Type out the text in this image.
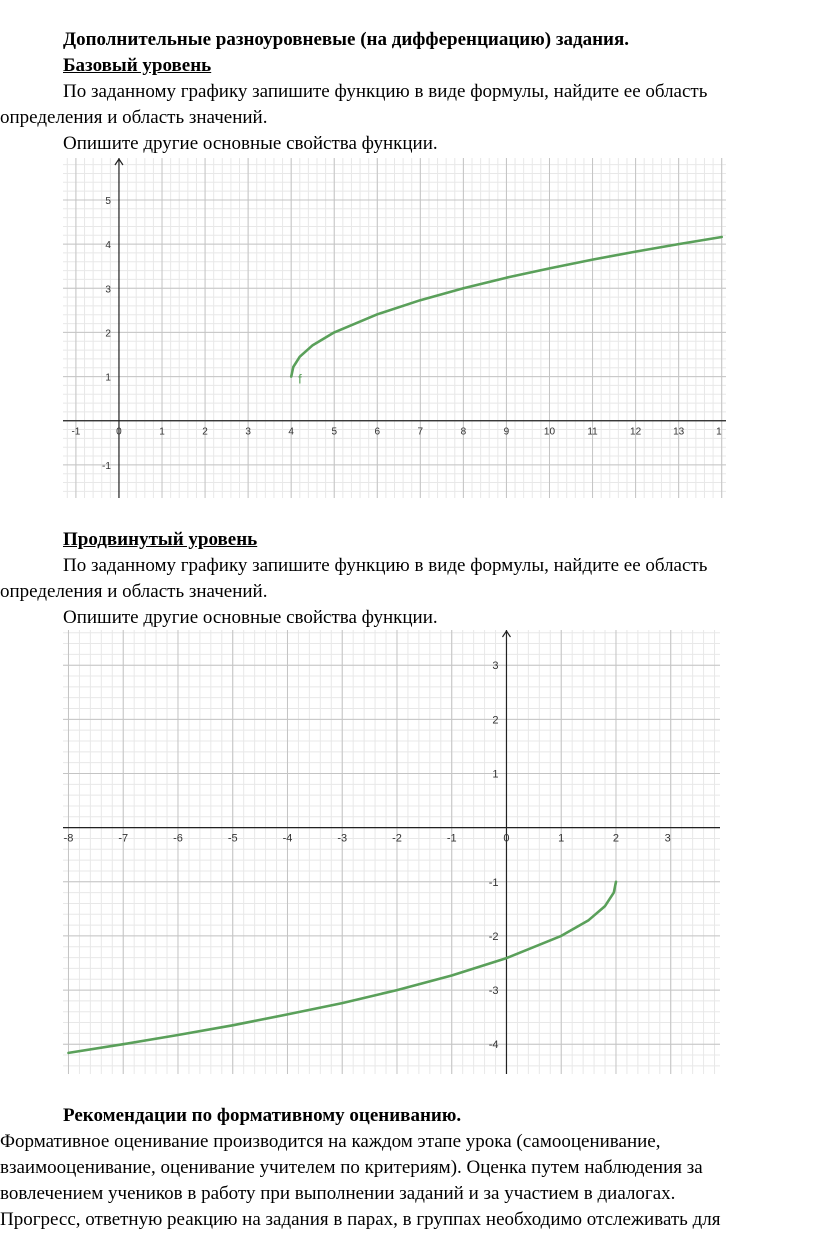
Дополнительные разноуровневые (на дифференциацию) задания.
Базовый уровень
По заданному графику запишите функцию в виде формулы, найдите ее область
определения и область значений.
Опишите другие основные свойства функции.
-1	0	1	2	3	4	5	6	7	8	9	10	11	12	13	1
-1
1
2
3
4
5
f
Продвинутый уровень
По заданному графику запишите функцию в виде формулы, найдите ее область
определения и область значений.
Опишите другие основные свойства функции.
-8	-7	-6	-5	-4	-3	-2	-1	0	1	2	3
-4
-3
-2
-1
1
2
3
Рекомендации по формативному оцениванию.
Формативное оценивание производится на каждом этапе урока (самооценивание,
взаимооценивание, оценивание учителем по критериям). Оценка путем наблюдения за
вовлечением учеников в работу при выполнении заданий и за участием в диалогах.
Прогресс, ответную реакцию на задания в парах, в группах необходимо отслеживать для
